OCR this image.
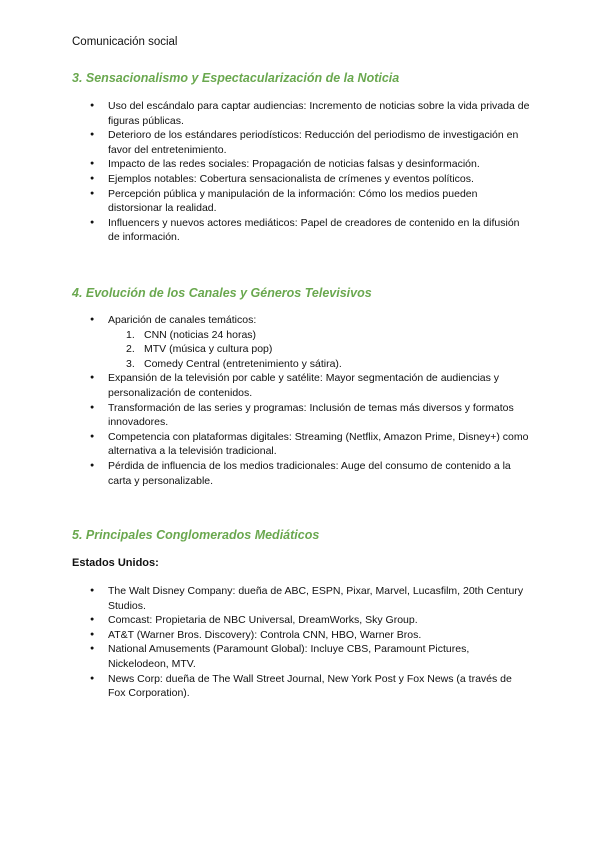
Comunicación social
3. Sensacionalismo y Espectacularización de la Noticia
● Uso del escándalo para captar audiencias: Incremento de noticias sobre la vida privada de figuras públicas.
● Deterioro de los estándares periodísticos: Reducción del periodismo de investigación en favor del entretenimiento.
● Impacto de las redes sociales: Propagación de noticias falsas y desinformación.
● Ejemplos notables: Cobertura sensacionalista de crímenes y eventos políticos.
● Percepción pública y manipulación de la información: Cómo los medios pueden distorsionar la realidad.
● Influencers y nuevos actores mediáticos: Papel de creadores de contenido en la difusión de información.
4. Evolución de los Canales y Géneros Televisivos
● Aparición de canales temáticos:
1. CNN (noticias 24 horas)
2. MTV (música y cultura pop)
3. Comedy Central (entretenimiento y sátira).
● Expansión de la televisión por cable y satélite: Mayor segmentación de audiencias y personalización de contenidos.
● Transformación de las series y programas: Inclusión de temas más diversos y formatos innovadores.
● Competencia con plataformas digitales: Streaming (Netflix, Amazon Prime, Disney+) como alternativa a la televisión tradicional.
● Pérdida de influencia de los medios tradicionales: Auge del consumo de contenido a la carta y personalizable.
5. Principales Conglomerados Mediáticos
Estados Unidos:
● The Walt Disney Company: dueña de ABC, ESPN, Pixar, Marvel, Lucasfilm, 20th Century Studios.
● Comcast: Propietaria de NBC Universal, DreamWorks, Sky Group.
● AT&T (Warner Bros. Discovery): Controla CNN, HBO, Warner Bros.
● National Amusements (Paramount Global): Incluye CBS, Paramount Pictures, Nickelodeon, MTV.
● News Corp: dueña de The Wall Street Journal, New York Post y Fox News (a través de Fox Corporation).
